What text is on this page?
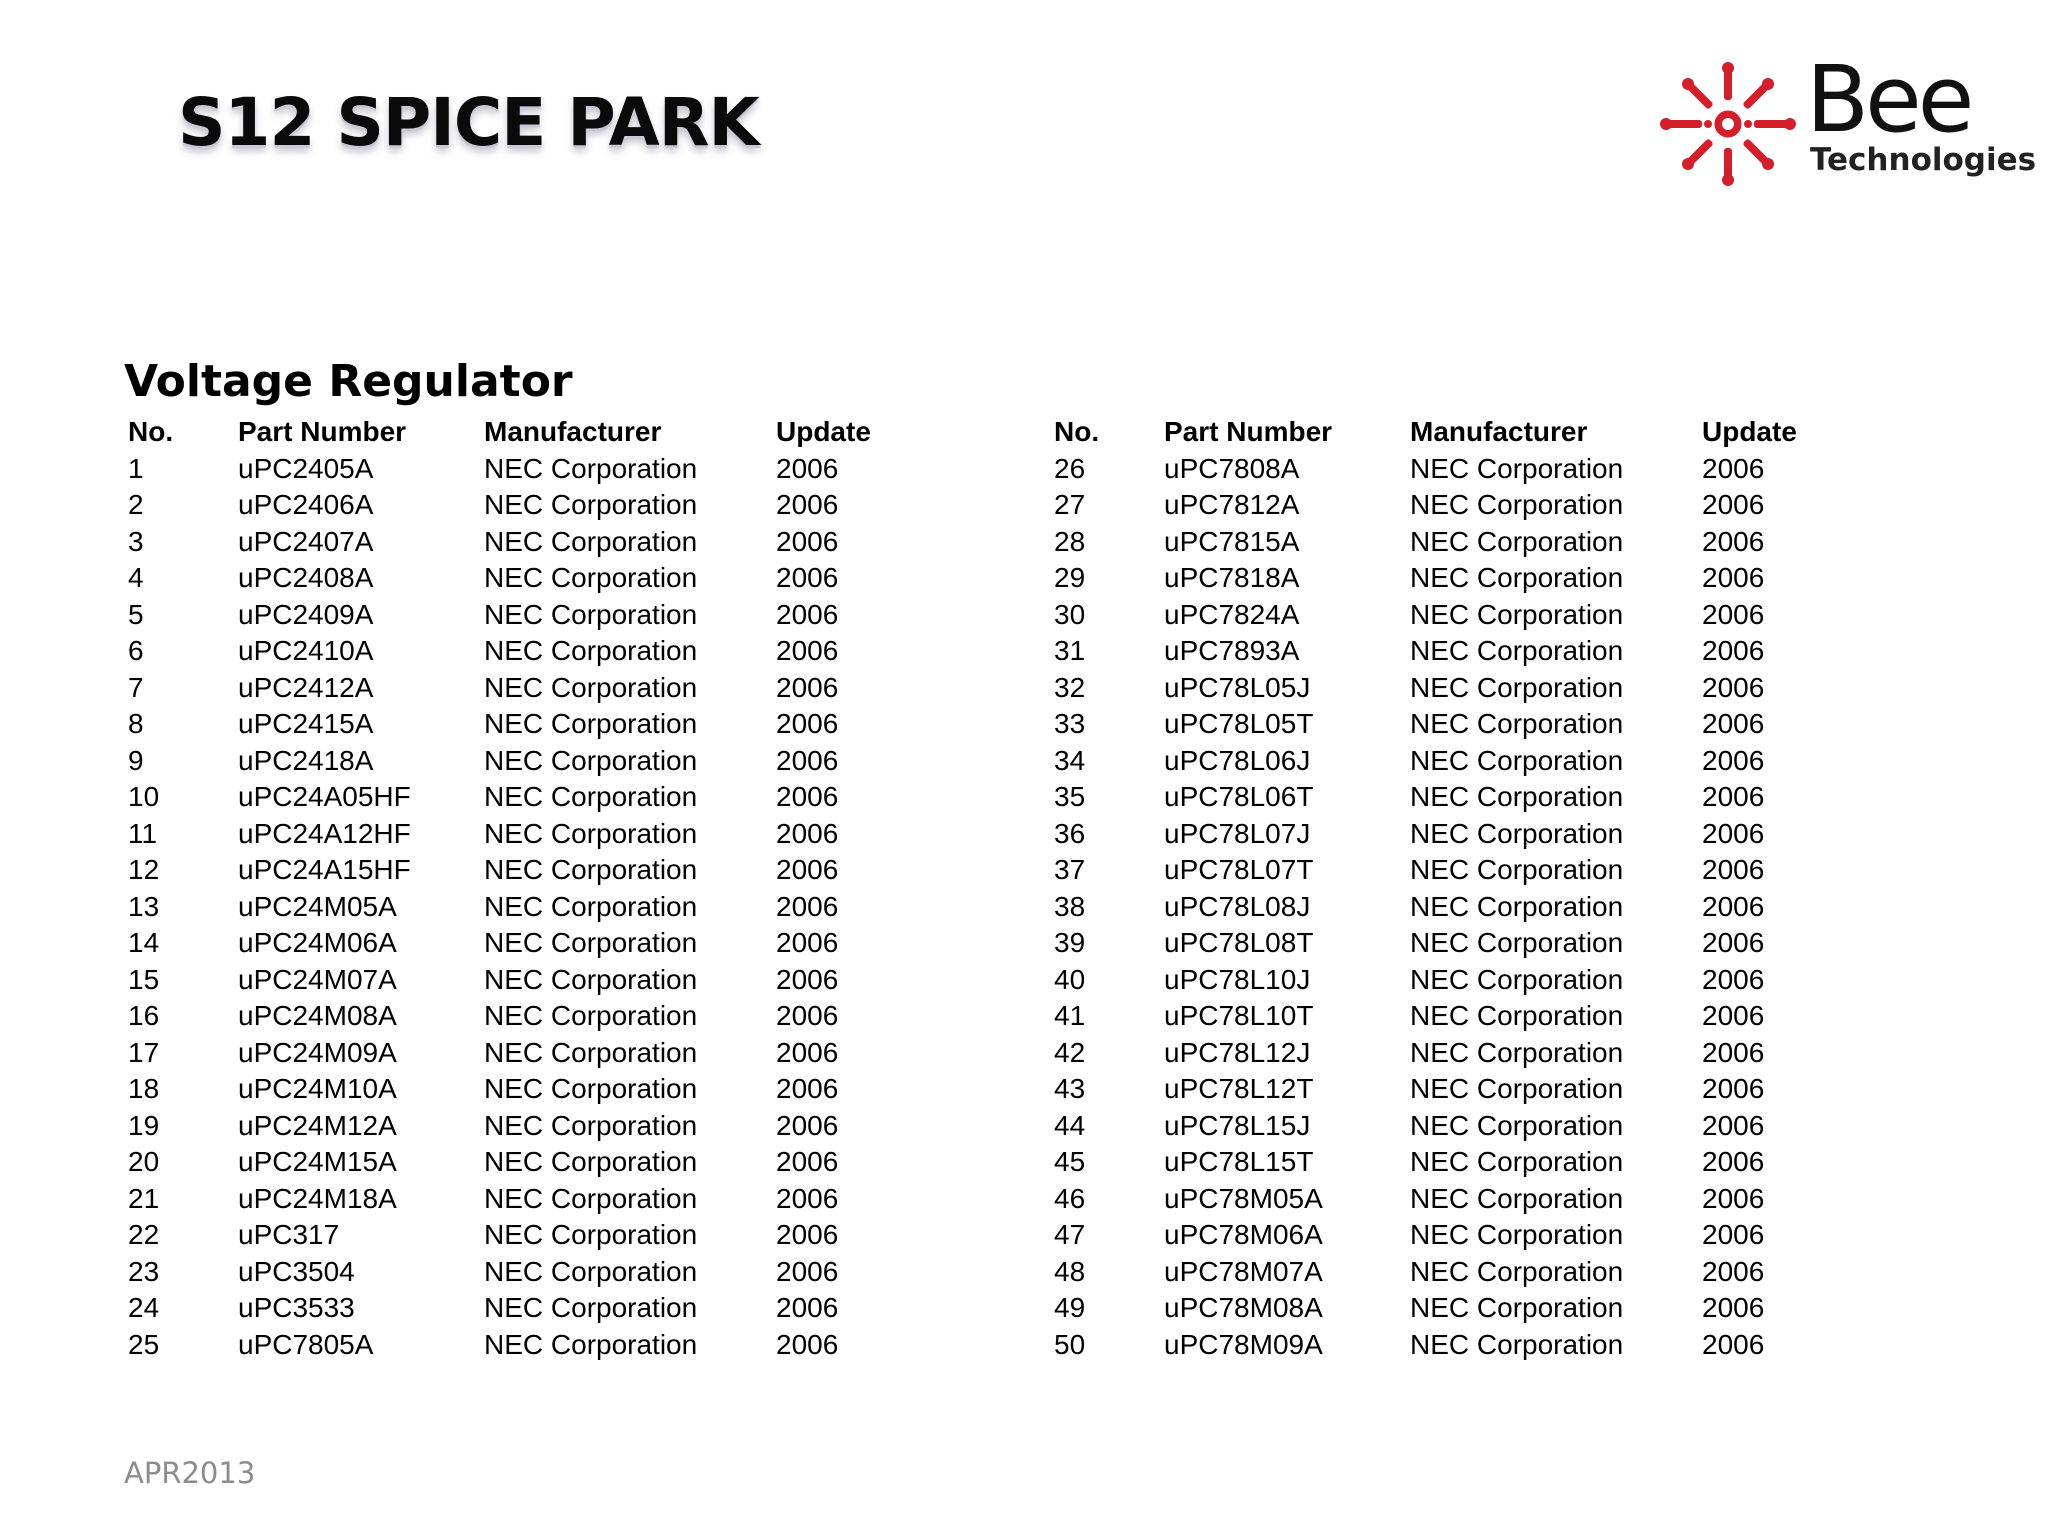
S12 SPICE PARK	Bee
Technologies
Voltage Regulator
No.	Part Number	Manufacturer	Update
1	uPC2405A	NEC Corporation	2006
2	uPC2406A	NEC Corporation	2006
3	uPC2407A	NEC Corporation	2006
4	uPC2408A	NEC Corporation	2006
5	uPC2409A	NEC Corporation	2006
6	uPC2410A	NEC Corporation	2006
7	uPC2412A	NEC Corporation	2006
8	uPC2415A	NEC Corporation	2006
9	uPC2418A	NEC Corporation	2006
10	uPC24A05HF	NEC Corporation	2006
11	uPC24A12HF	NEC Corporation	2006
12	uPC24A15HF	NEC Corporation	2006
13	uPC24M05A	NEC Corporation	2006
14	uPC24M06A	NEC Corporation	2006
15	uPC24M07A	NEC Corporation	2006
16	uPC24M08A	NEC Corporation	2006
17	uPC24M09A	NEC Corporation	2006
18	uPC24M10A	NEC Corporation	2006
19	uPC24M12A	NEC Corporation	2006
20	uPC24M15A	NEC Corporation	2006
21	uPC24M18A	NEC Corporation	2006
22	uPC317	NEC Corporation	2006
23	uPC3504	NEC Corporation	2006
24	uPC3533	NEC Corporation	2006
25	uPC7805A	NEC Corporation	2006
No.	Part Number	Manufacturer	Update
26	uPC7808A	NEC Corporation	2006
27	uPC7812A	NEC Corporation	2006
28	uPC7815A	NEC Corporation	2006
29	uPC7818A	NEC Corporation	2006
30	uPC7824A	NEC Corporation	2006
31	uPC7893A	NEC Corporation	2006
32	uPC78L05J	NEC Corporation	2006
33	uPC78L05T	NEC Corporation	2006
34	uPC78L06J	NEC Corporation	2006
35	uPC78L06T	NEC Corporation	2006
36	uPC78L07J	NEC Corporation	2006
37	uPC78L07T	NEC Corporation	2006
38	uPC78L08J	NEC Corporation	2006
39	uPC78L08T	NEC Corporation	2006
40	uPC78L10J	NEC Corporation	2006
41	uPC78L10T	NEC Corporation	2006
42	uPC78L12J	NEC Corporation	2006
43	uPC78L12T	NEC Corporation	2006
44	uPC78L15J	NEC Corporation	2006
45	uPC78L15T	NEC Corporation	2006
46	uPC78M05A	NEC Corporation	2006
47	uPC78M06A	NEC Corporation	2006
48	uPC78M07A	NEC Corporation	2006
49	uPC78M08A	NEC Corporation	2006
50	uPC78M09A	NEC Corporation	2006
APR2013
